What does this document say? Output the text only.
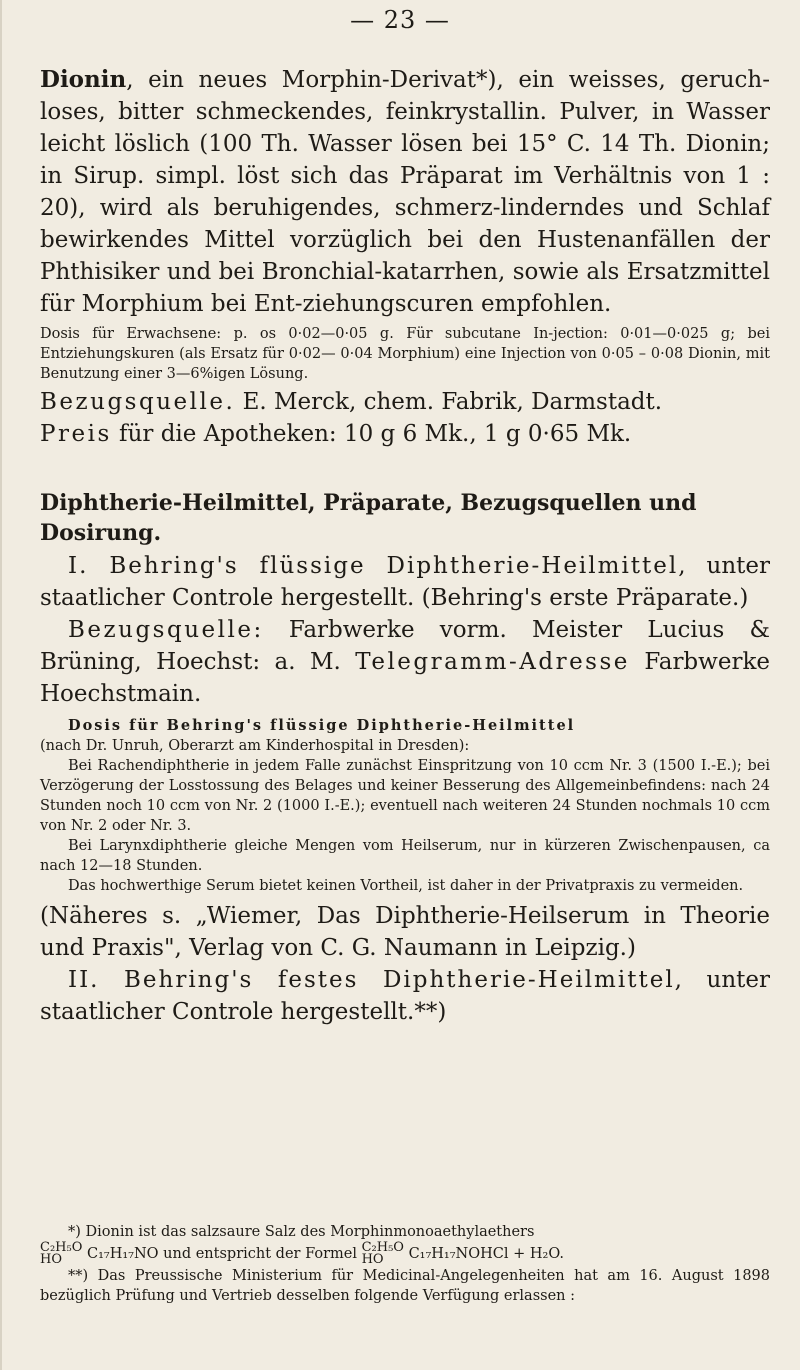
— 23 —

Dionin, ein neues Morphin-Derivat*), ein weisses, geruch-loses, bitter schmeckendes, feinkrystallin. Pulver, in Wasser leicht löslich (100 Th. Wasser lösen bei 15° C. 14 Th. Dionin; in Sirup. simpl. löst sich das Präparat im Verhältnis von 1 : 20), wird als beruhigendes, schmerz-linderndes und Schlaf bewirkendes Mittel vorzüglich bei den Hustenanfällen der Phthisiker und bei Bronchial-katarrhen, sowie als Ersatzmittel für Morphium bei Ent-ziehungscuren empfohlen.

Dosis für Erwachsene: p. os 0·02—0·05 g. Für subcutane In-jection: 0·01—0·025 g; bei Entziehungskuren (als Ersatz für 0·02— 0·04 Morphium) eine Injection von 0·05 – 0·08 Dionin, mit Benutzung einer 3—6%igen Lösung.

Bezugsquelle. E. Merck, chem. Fabrik, Darmstadt.

Preis für die Apotheken: 10 g 6 Mk., 1 g 0·65 Mk.

Diphtherie-Heilmittel, Präparate, Bezugsquellen und Dosirung.

I. Behring's flüssige Diphtherie-Heilmittel, unter staatlicher Controle hergestellt. (Behring's erste Präparate.)

Bezugsquelle: Farbwerke vorm. Meister Lucius & Brüning, Hoechst: a. M. Telegramm-Adresse Farbwerke Hoechstmain.

Dosis für Behring's flüssige Diphtherie-Heilmittel

(nach Dr. Unruh, Oberarzt am Kinderhospital in Dresden):

Bei Rachendiphtherie in jedem Falle zunächst Einspritzung von 10 ccm Nr. 3 (1500 I.-E.); bei Verzögerung der Losstossung des Belages und keiner Besserung des Allgemeinbefindens: nach 24 Stunden noch 10 ccm von Nr. 2 (1000 I.-E.); eventuell nach weiteren 24 Stunden nochmals 10 ccm von Nr. 2 oder Nr. 3.

Bei Larynxdiphtherie gleiche Mengen vom Heilserum, nur in kürzeren Zwischenpausen, ca nach 12—18 Stunden.

Das hochwerthige Serum bietet keinen Vortheil, ist daher in der Privatpraxis zu vermeiden.

(Näheres s. „Wiemer, Das Diphtherie-Heilserum in Theorie und Praxis", Verlag von C. G. Naumann in Leipzig.)

II. Behring's festes Diphtherie-Heilmittel, unter staatlicher Controle hergestellt.**)

*) Dionin ist das salzsaure Salz des Morphinmonoaethylaethers

C₂H₅O
HO C₁₇H₁₇NO und entspricht der Formel C₂H₅O
HO C₁₇H₁₇NOHCl + H₂O.

**) Das Preussische Ministerium für Medicinal-Angelegenheiten hat am 16. August 1898 bezüglich Prüfung und Vertrieb desselben folgende Verfügung erlassen :
